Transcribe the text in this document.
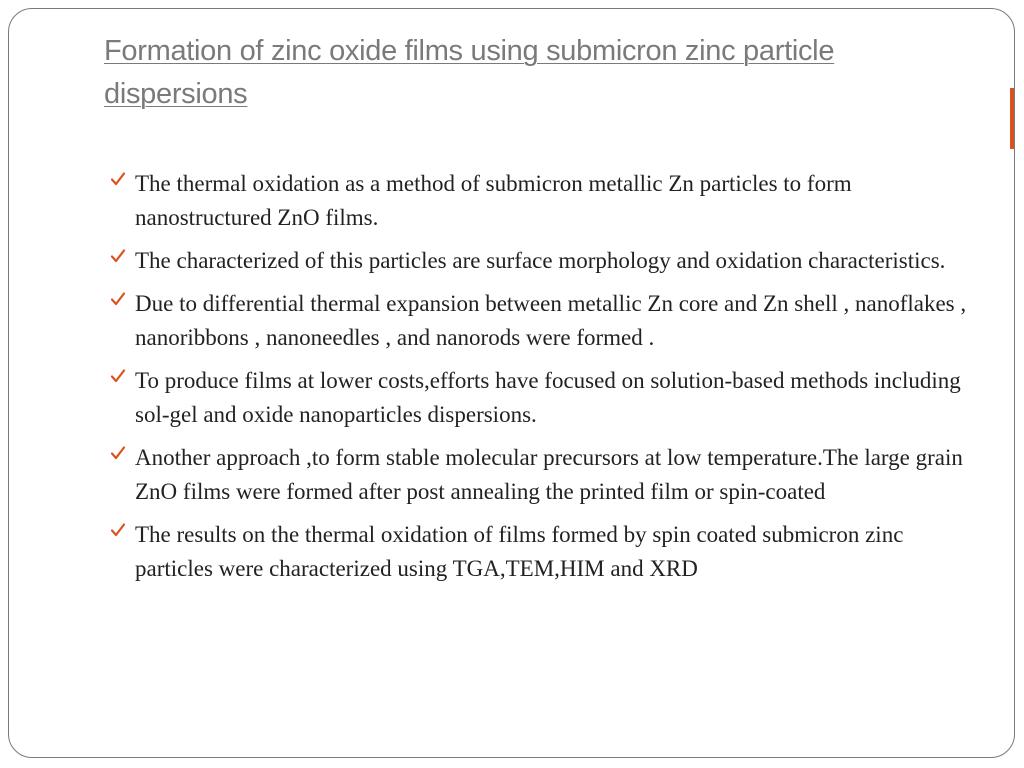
Formation of zinc oxide films using submicron zinc particle dispersions
The thermal oxidation as a method of submicron metallic Zn particles to form nanostructured ZnO films.
The characterized of this particles are surface morphology and oxidation characteristics.
Due to differential thermal expansion between metallic Zn core and Zn shell , nanoflakes , nanoribbons , nanoneedles , and nanorods were formed .
To produce films at lower costs,efforts have focused on solution-based methods including sol-gel and oxide nanoparticles dispersions.
Another approach ,to form stable molecular precursors at low temperature.The large grain ZnO films were formed after post annealing the printed film or spin-coated
The results on the thermal oxidation of films formed by spin coated submicron zinc particles were characterized using TGA,TEM,HIM and XRD
